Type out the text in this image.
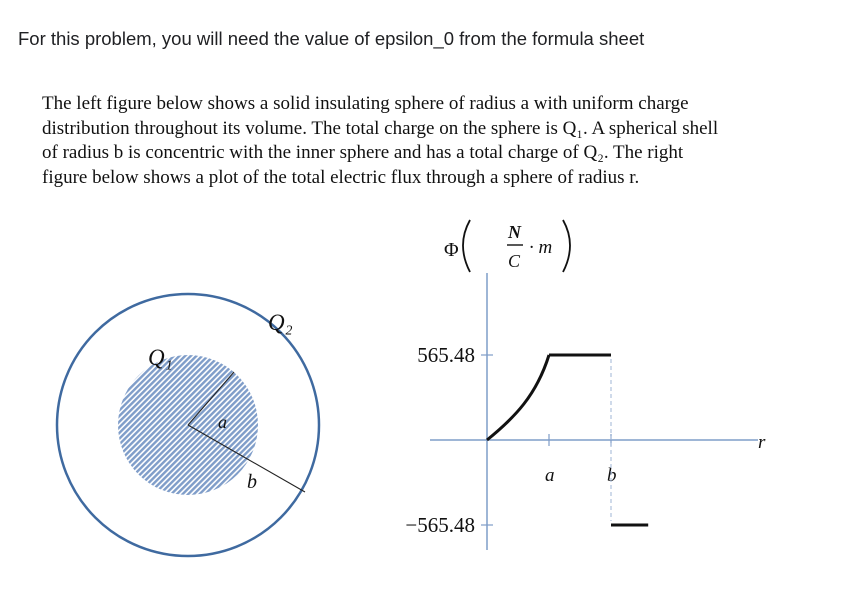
For this problem, you will need the value of epsilon_0 from the formula sheet

The left figure below shows a solid insulating sphere of radius a with uniform charge

distribution throughout its volume. The total charge on the sphere is Q₁. A spherical shell

of radius b is concentric with the inner sphere and has a total charge of Q₂. The right

figure below shows a plot of the total electric flux through a sphere of radius r.

Q₁
Q₂
a
b
565.48
−565.48
a	b
Φ
N
C
· m
r
